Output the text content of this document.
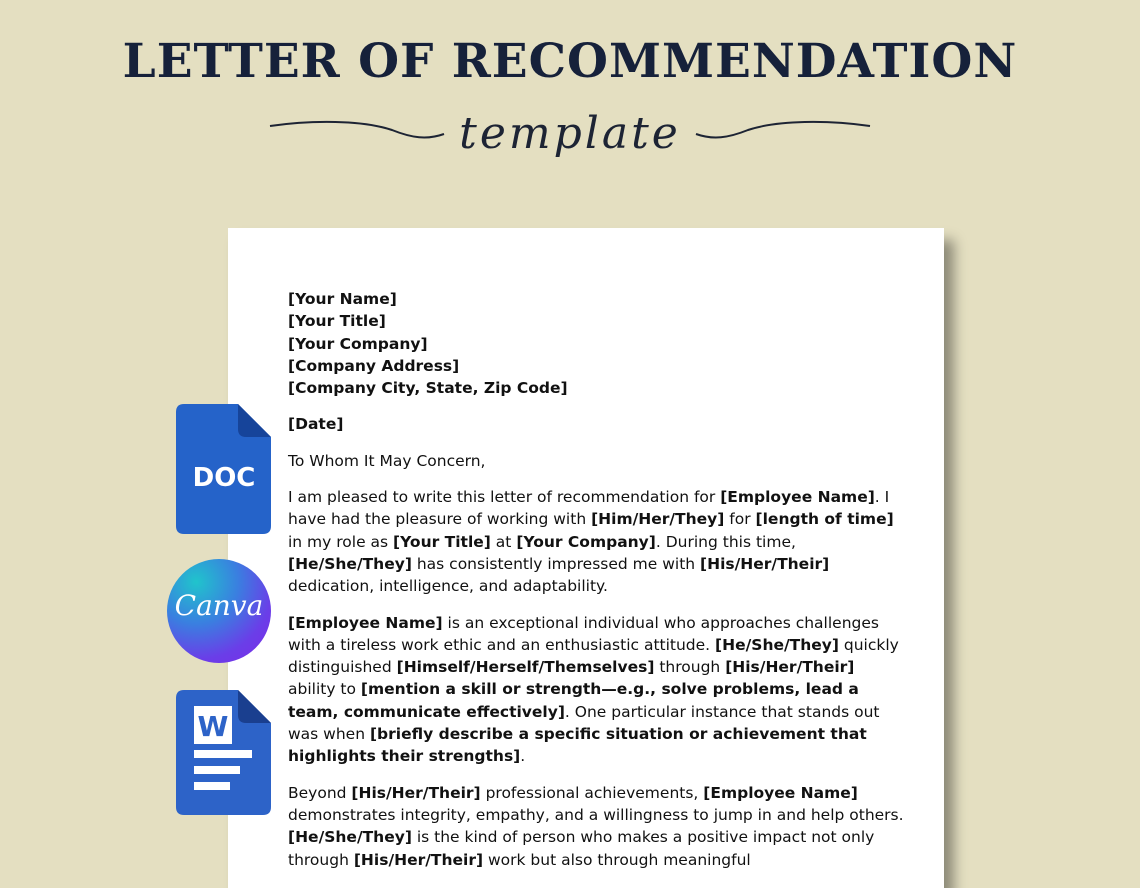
LETTER OF RECOMMENDATION
template

[Your Name]

[Your Title]

[Your Company]

[Company Address]

[Company City, State, Zip Code]

[Date]

To Whom It May Concern,

I am pleased to write this letter of recommendation for [Employee Name]. I have had the pleasure of working with [Him/Her/They] for [length of time] in my role as [Your Title] at [Your Company]. During this time, [He/She/They] has consistently impressed me with [His/Her/Their] dedication, intelligence, and adaptability.

[Employee Name] is an exceptional individual who approaches challenges with a tireless work ethic and an enthusiastic attitude. [He/She/They] quickly distinguished [Himself/Herself/Themselves] through [His/Her/Their] ability to [mention a skill or strength—e.g., solve problems, lead a team, communicate effectively]. One particular instance that stands out was when [briefly describe a specific situation or achievement that highlights their strengths].

Beyond [His/Her/Their] professional achievements, [Employee Name] demonstrates integrity, empathy, and a willingness to jump in and help others. [He/She/They] is the kind of person who makes a positive impact not only through [His/Her/Their] work but also through meaningful

DOC
Canva
W
